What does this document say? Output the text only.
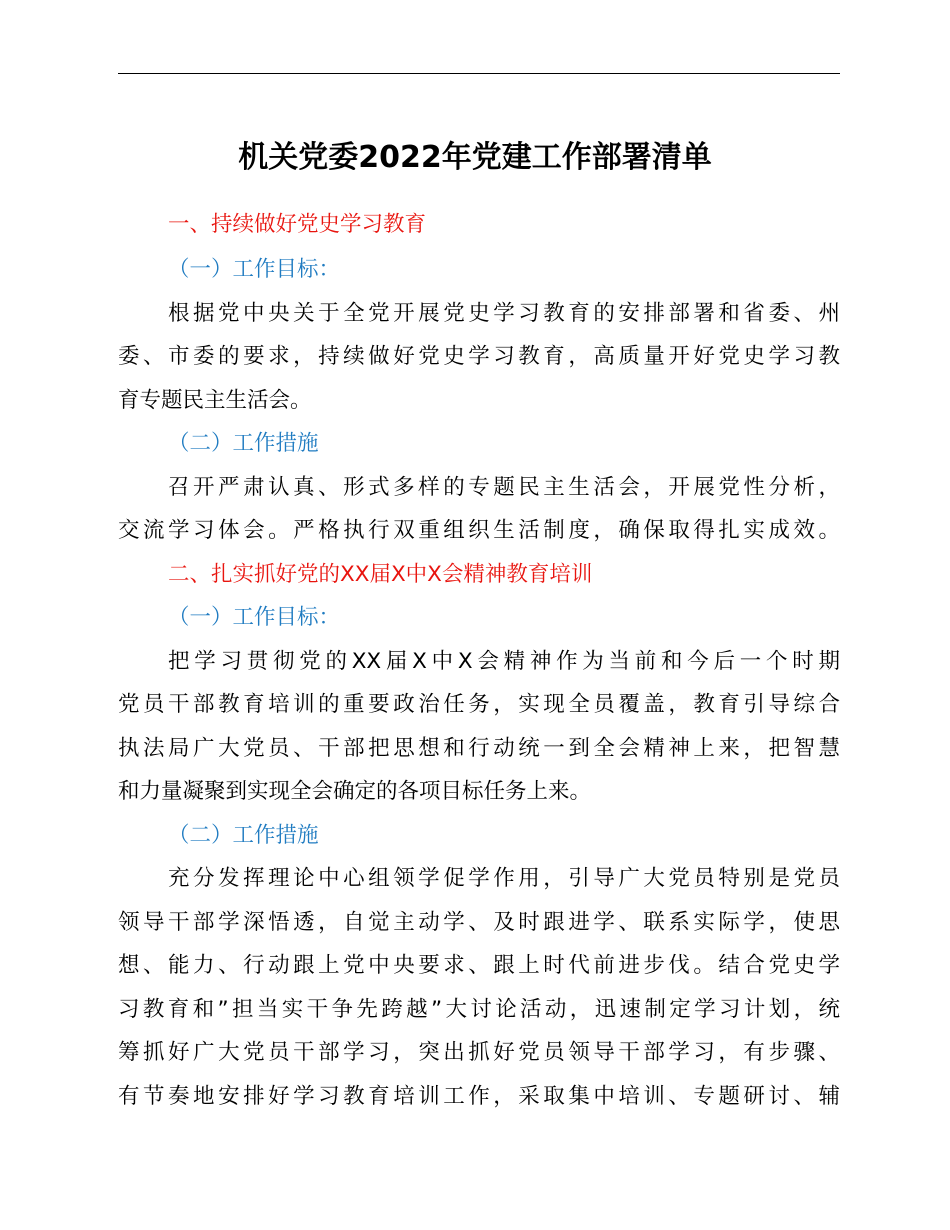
机关党委2022年党建工作部署清单
一、持续做好党史学习教育
（一）工作目标：
根据党中央关于全党开展党史学习教育的安排部署和省委、州
委、市委的要求，持续做好党史学习教育，高质量开好党史学习教
育专题民主生活会。
（二）工作措施
召开严肃认真、形式多样的专题民主生活会，开展党性分析，
交流学习体会。严格执行双重组织生活制度，确保取得扎实成效。
二、扎实抓好党的XX届X中X会精神教育培训
（一）工作目标：
把学习贯彻党的XX届X中X会精神作为当前和今后一个时期
党员干部教育培训的重要政治任务，实现全员覆盖，教育引导综合
执法局广大党员、干部把思想和行动统一到全会精神上来，把智慧
和力量凝聚到实现全会确定的各项目标任务上来。
（二）工作措施
充分发挥理论中心组领学促学作用，引导广大党员特别是党员
领导干部学深悟透，自觉主动学、及时跟进学、联系实际学，使思
想、能力、行动跟上党中央要求、跟上时代前进步伐。结合党史学
习教育和”担当实干争先跨越”大讨论活动，迅速制定学习计划，统
筹抓好广大党员干部学习，突出抓好党员领导干部学习，有步骤、
有节奏地安排好学习教育培训工作，采取集中培训、专题研讨、辅
